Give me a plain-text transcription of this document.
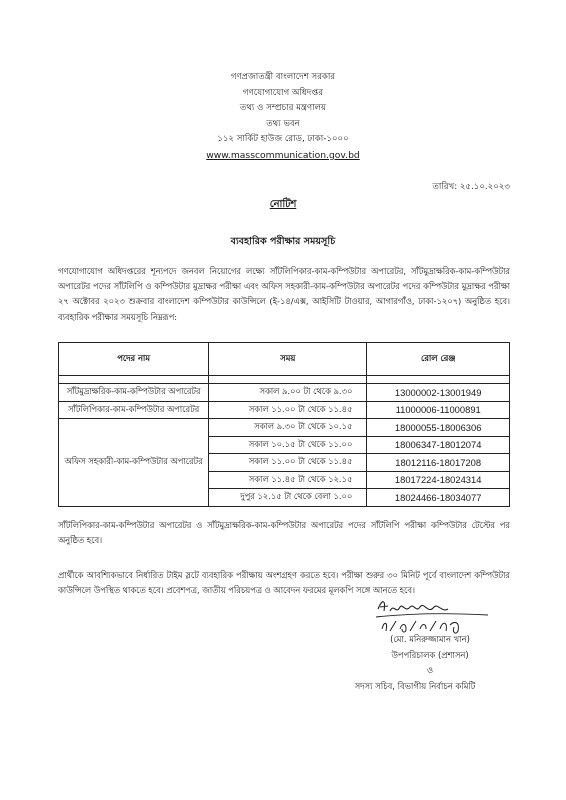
গণপ্রজাতন্ত্রী বাংলাদেশ সরকার
গণযোগাযোগ অধিদপ্তর
তথ্য ও সম্প্রচার মন্ত্রণালয়
তথ্য ভবন
১১২ সার্কিট হাউজ রোড, ঢাকা-১০০০
www.masscommunication.gov.bd
তারিখ: ২৫.১০.২০২৩
নোটিশ
ব্যবহারিক পরীক্ষার সময়সূচি
গণযোগাযোগ অধিদপ্তরের শূন্যপদে জনবল নিয়োগের লক্ষ্যে সাঁটলিপিকার-কাম-কম্পিউটার অপারেটর, সাঁটমুদ্রাক্ষরিক-কাম-কম্পিউটার অপারেটর পদের সাঁটলিপি ও কম্পিউটার মুদ্রাক্ষর পরীক্ষা এবং অফিস সহকারী-কাম-কম্পিউটার অপারেটর পদের কম্পিউটার মুদ্রাক্ষর পরীক্ষা ২৭ অক্টোবর ২০২৩ শুক্রবার বাংলাদেশ কম্পিউটার কাউন্সিলে (ই-১৪/এক্স, আইসিটি টাওয়ার, আগারগাঁও, ঢাকা-১২০৭) অনুষ্ঠিত হবে। ব্যবহারিক পরীক্ষার সময়সূচি নিম্নরূপ:
পদের নাম	সময়	রোল রেঞ্জ

সাঁটমুদ্রাক্ষরিক-কাম-কম্পিউটার অপারেটর	সকাল ৯.০০ টা থেকে ৯.৩০	13000002-13001949
সাঁটলিপিকার-কাম-কম্পিউটার অপারেটর	সকাল ১১.০০ টা থেকে ১১.৪৫	11000006-11000891
অফিস সহকারী-কাম-কম্পিউটার অপারেটর	সকাল ৯.৩০ টা থেকে ১০.১৫	18000055-18006306
	সকাল ১০.১৫ টা থেকে ১১.০০	18006347-18012074
	সকাল ১১.০০ টা থেকে ১১.৪৫	18012116-18017208
	সকাল ১১.৪৫ টা থেকে ১২.১৫	18017224-18024314
	দুপুর ১২.১৫ টা থেকে বেলা ১.০০	18024466-18034077
সাঁটলিপিকার-কাম-কম্পিউটার অপারেটর ও সাঁটমুদ্রাক্ষরিক-কাম-কম্পিউটার অপারেটর পদের সাঁটলিপি পরীক্ষা কম্পিউটার টেস্টের পর অনুষ্ঠিত হবে।
প্রার্থীকে আবশ্যিকভাবে নির্ধারিত টাইম স্লটে ব্যবহারিক পরীক্ষায় অংশগ্রহণ করতে হবে। পরীক্ষা শুরুর ৩০ মিনিট পূর্বে বাংলাদেশ কম্পিউটার কাউন্সিলে উপস্থিত থাকতে হবে। প্রবেশপত্র, জাতীয় পরিচয়পত্র ও আবেদন ফরমের মূলকপি সঙ্গে আনতে হবে।
(মো. মনিরুজ্জামান খান)
উপপরিচালক (প্রশাসন)
ও
সদস্য সচিব, বিভাগীয় নির্বাচন কমিটি
